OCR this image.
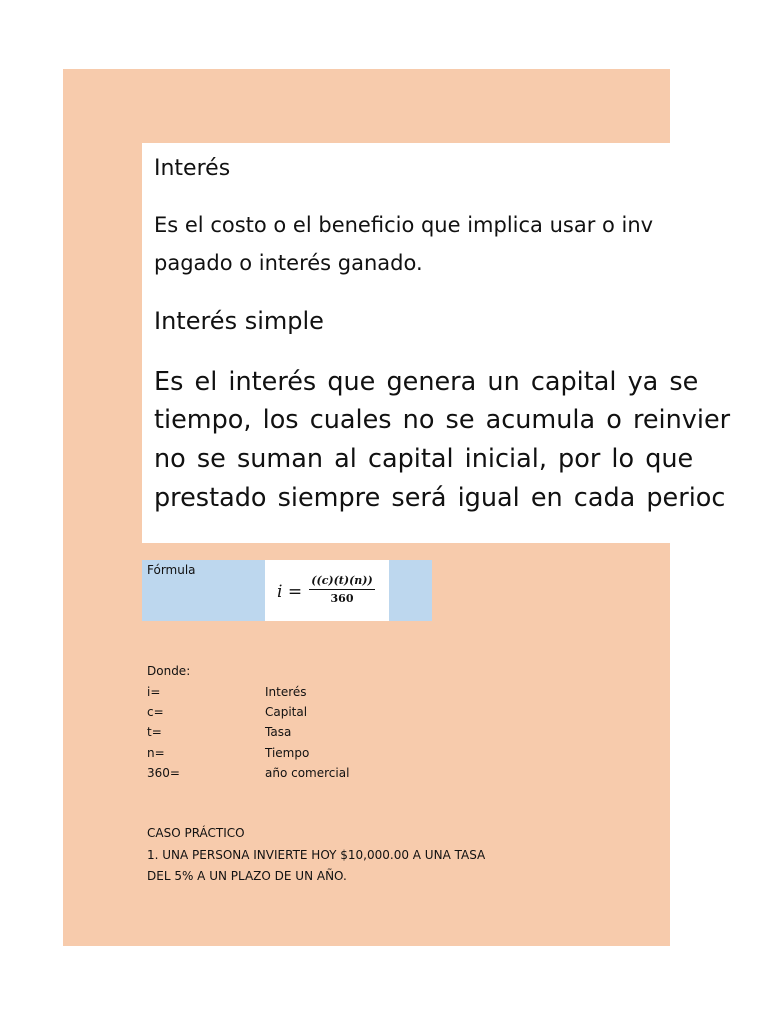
Interés
Es el costo o el beneficio que implica usar o inv
pagado o interés ganado.
Interés simple
Es el interés que genera un capital ya se
tiempo, los cuales no se acumula o reinvier
no se suman al capital inicial, por lo que
prestado siempre será igual en cada perioc
Fórmula
$i = \frac{((c)(t)(n))}{360}$
Donde:
i=	Interés
c=	Capital
t=	Tasa
n=	Tiempo
360=	año comercial
CASO PRÁCTICO
1. UNA PERSONA INVIERTE HOY $10,000.00 A UNA TASA
DEL 5% A UN PLAZO DE UN AÑO.
